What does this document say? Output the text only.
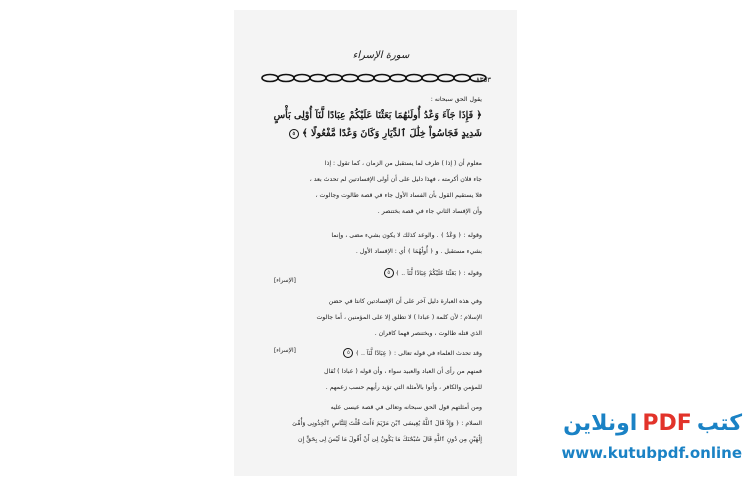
سورة الإسراء
٨٣٥٣
يقول الحق سبحانه :
﴿ فَإِذَا جَآءَ وَعْدُ أُولَىٰهُمَا بَعَثْنَا عَلَيْكُمْ عِبَادًا لَّنَآ أُوْلِى بَأْسٍ
شَدِيدٍ فَجَاسُواْ خِلَٰلَ ٱلدِّيَارِ وَكَانَ وَعْدًا مَّفْعُولًا ﴾ ٥
معلوم أن ( إذا ) ظرف لما يستقبل من الزمان ، كما تقول : إذا
جاء فلان أكرمته ، فهذا دليل على أن أولى الإفسادتين لم تحدث بعد ،
فلا يستقيم القول بأن الفساد الأول جاء في قصة طالوت وجالوت ،
وأن الإفساد الثاني جاء في قصة بختنصر .
وقوله : ﴿ وَعْدُ ﴾ . والوعد كذلك لا يكون بشيء مضى ، وإنما
بشيء مستقبل . و ﴿ أُولَٰهُمَا ﴾ أي : الإفساد الأول .
وقوله : ﴿ بَعَثْنَا عَلَيْكُمْ عِبَادًا لَّنَآ .. ﴾ ٥
[الإسراء]
وفي هذه العبارة دليل آخر على أن الإفسادتين كانتا في حضن
الإسلام ؛ لأن كلمة ( عبادا ) لا تطلق إلا على المؤمنين ، أما جالوت
الذي قتله طالوت ، وبختنصر فهما كافران .
وقد تحدث العلماء في قوله تعالى : ﴿ عِبَادًا لَّنَآ .. ﴾ ٥
[الإسراء]
فمنهم من رأى أن العباد والعبيد سواء ، وأن قوله ( عبادا ) تُقال
للمؤمن والكافر ، وأتوا بالأمثلة التي تؤيد رأيهم حسب زعمهم .
ومن أمثلتهم قول الحق سبحانه وتعالى في قصة عيسى عليه
السلام : ﴿ وَإِذْ قَالَ ٱللَّهُ يَٰعِيسَى ٱبْنَ مَرْيَمَ ءَأَنتَ قُلْتَ لِلنَّاسِ ٱتَّخِذُونِى وَأُمِّىَ
إِلَٰهَيْنِ مِن دُونِ ٱللَّهِ قَالَ سُبْحَٰنَكَ مَا يَكُونُ لِىٓ أَنْ أَقُولَ مَا لَيْسَ لِى بِحَقٍّ إِن
كتب PDF اونلاين
www.kutubpdf.online
